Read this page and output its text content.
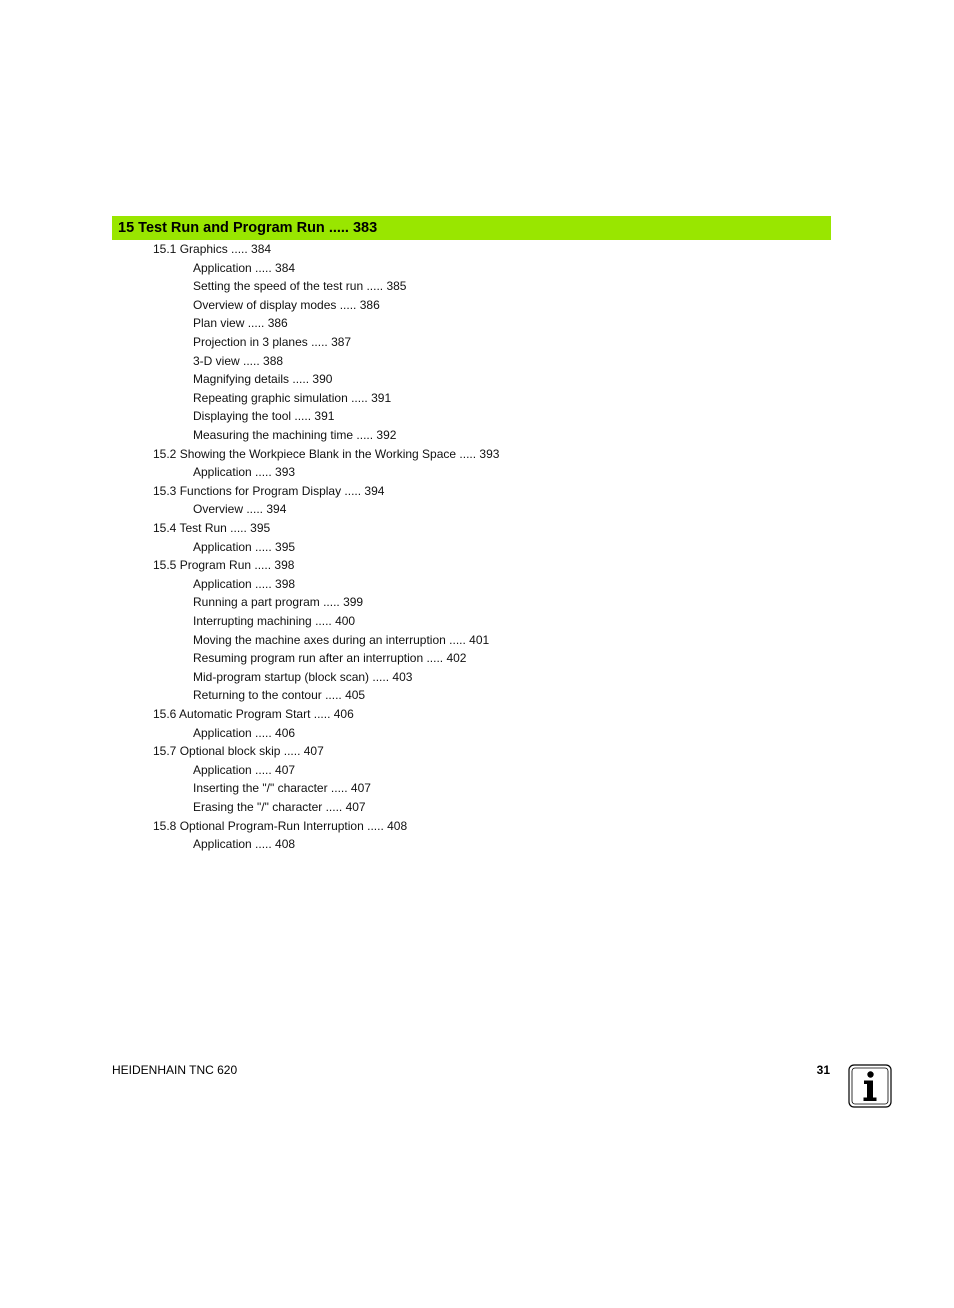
15 Test Run and Program Run ..... 383
15.1 Graphics ..... 384
Application ..... 384
Setting the speed of the test run ..... 385
Overview of display modes ..... 386
Plan view ..... 386
Projection in 3 planes ..... 387
3-D view ..... 388
Magnifying details ..... 390
Repeating graphic simulation ..... 391
Displaying the tool ..... 391
Measuring the machining time ..... 392
15.2 Showing the Workpiece Blank in the Working Space ..... 393
Application ..... 393
15.3 Functions for Program Display ..... 394
Overview ..... 394
15.4 Test Run ..... 395
Application ..... 395
15.5 Program Run ..... 398
Application ..... 398
Running a part program ..... 399
Interrupting machining ..... 400
Moving the machine axes during an interruption ..... 401
Resuming program run after an interruption ..... 402
Mid-program startup (block scan) ..... 403
Returning to the contour ..... 405
15.6 Automatic Program Start ..... 406
Application ..... 406
15.7 Optional block skip ..... 407
Application ..... 407
Inserting the "/" character ..... 407
Erasing the "/" character ..... 407
15.8 Optional Program-Run Interruption ..... 408
Application ..... 408
HEIDENHAIN TNC 620	31
